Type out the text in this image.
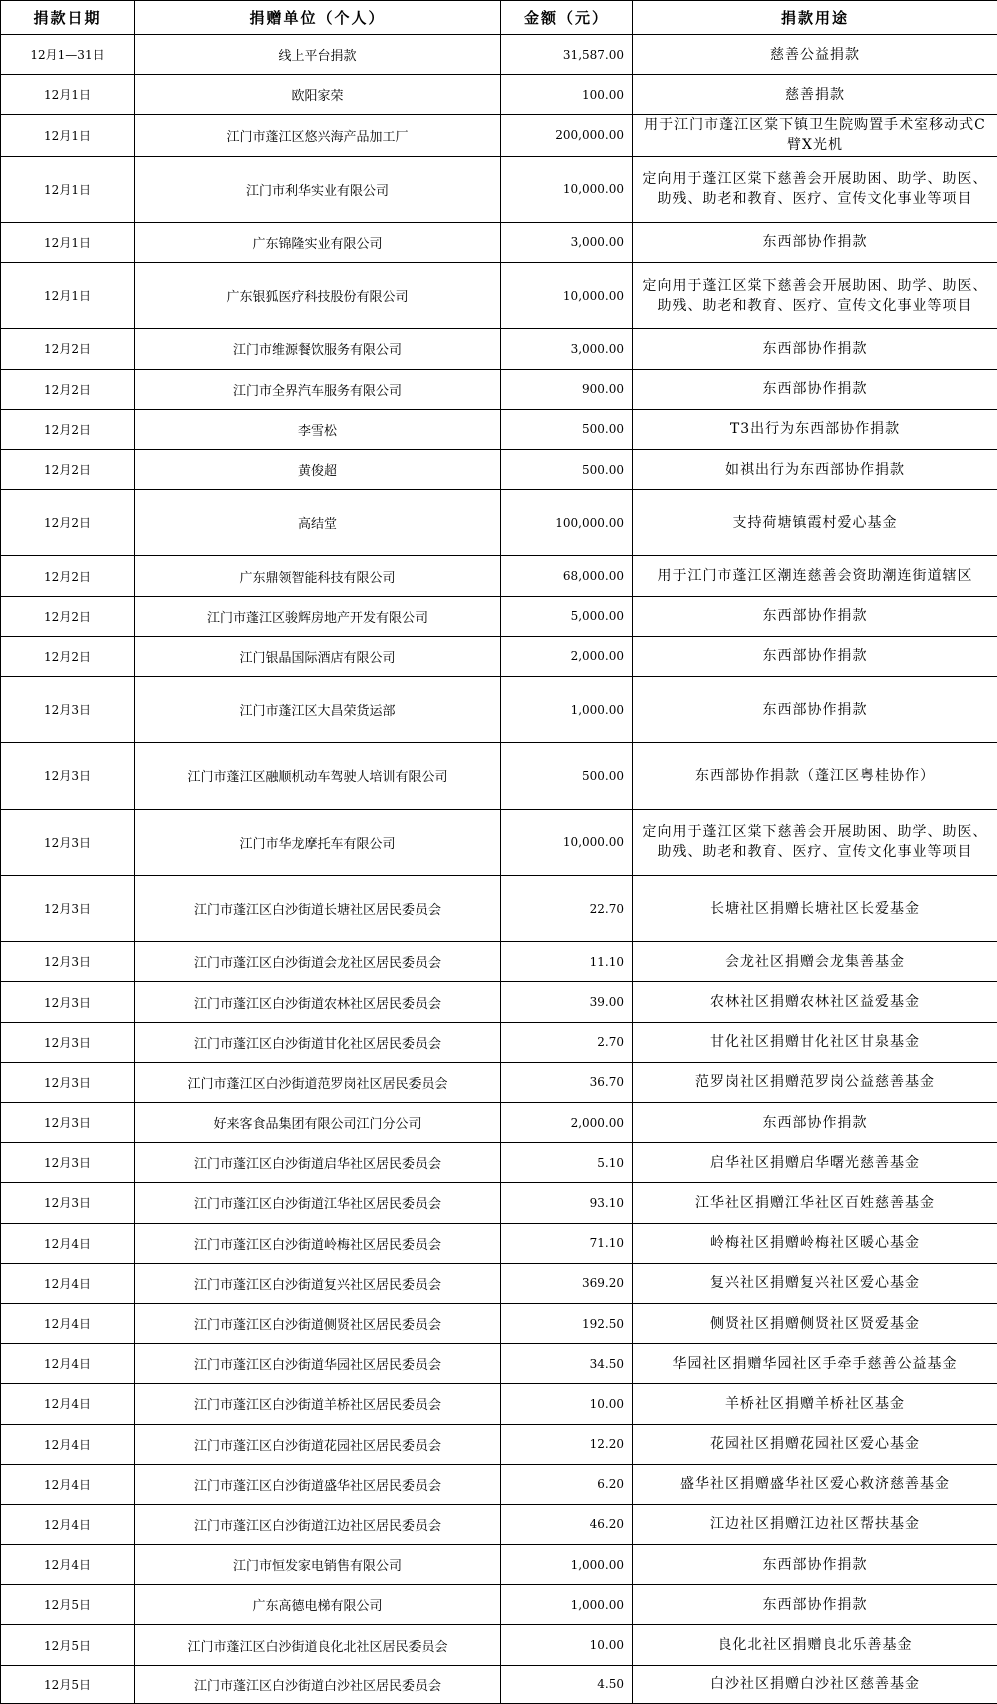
捐款日期	捐赠单位（个人）	金额（元）	捐款用途
12月1—31日	线上平台捐款	31,587.00	慈善公益捐款
12月1日	欧阳家荣	100.00	慈善捐款
12月1日	江门市蓬江区悠兴海产品加工厂	200,000.00	用于江门市蓬江区棠下镇卫生院购置手术室移动式C臂X光机
12月1日	江门市利华实业有限公司	10,000.00	定向用于蓬江区棠下慈善会开展助困、助学、助医、助残、助老和教育、医疗、宣传文化事业等项目
12月1日	广东锦隆实业有限公司	3,000.00	东西部协作捐款
12月1日	广东银狐医疗科技股份有限公司	10,000.00	定向用于蓬江区棠下慈善会开展助困、助学、助医、助残、助老和教育、医疗、宣传文化事业等项目
12月2日	江门市维源餐饮服务有限公司	3,000.00	东西部协作捐款
12月2日	江门市全界汽车服务有限公司	900.00	东西部协作捐款
12月2日	李雪松	500.00	T3出行为东西部协作捐款
12月2日	黄俊超	500.00	如祺出行为东西部协作捐款
12月2日	高结堂	100,000.00	支持荷塘镇霞村爱心基金
12月2日	广东鼎领智能科技有限公司	68,000.00	用于江门市蓬江区潮连慈善会资助潮连街道辖区
12月2日	江门市蓬江区骏辉房地产开发有限公司	5,000.00	东西部协作捐款
12月2日	江门银晶国际酒店有限公司	2,000.00	东西部协作捐款
12月3日	江门市蓬江区大昌荣货运部	1,000.00	东西部协作捐款
12月3日	江门市蓬江区融顺机动车驾驶人培训有限公司	500.00	东西部协作捐款（蓬江区粤桂协作）
12月3日	江门市华龙摩托车有限公司	10,000.00	定向用于蓬江区棠下慈善会开展助困、助学、助医、助残、助老和教育、医疗、宣传文化事业等项目
12月3日	江门市蓬江区白沙街道长塘社区居民委员会	22.70	长塘社区捐赠长塘社区长爱基金
12月3日	江门市蓬江区白沙街道会龙社区居民委员会	11.10	会龙社区捐赠会龙集善基金
12月3日	江门市蓬江区白沙街道农林社区居民委员会	39.00	农林社区捐赠农林社区益爱基金
12月3日	江门市蓬江区白沙街道甘化社区居民委员会	2.70	甘化社区捐赠甘化社区甘泉基金
12月3日	江门市蓬江区白沙街道范罗岗社区居民委员会	36.70	范罗岗社区捐赠范罗岗公益慈善基金
12月3日	好来客食品集团有限公司江门分公司	2,000.00	东西部协作捐款
12月3日	江门市蓬江区白沙街道启华社区居民委员会	5.10	启华社区捐赠启华曙光慈善基金
12月3日	江门市蓬江区白沙街道江华社区居民委员会	93.10	江华社区捐赠江华社区百姓慈善基金
12月4日	江门市蓬江区白沙街道岭梅社区居民委员会	71.10	岭梅社区捐赠岭梅社区暖心基金
12月4日	江门市蓬江区白沙街道复兴社区居民委员会	369.20	复兴社区捐赠复兴社区爱心基金
12月4日	江门市蓬江区白沙街道侧贤社区居民委员会	192.50	侧贤社区捐赠侧贤社区贤爱基金
12月4日	江门市蓬江区白沙街道华园社区居民委员会	34.50	华园社区捐赠华园社区手牵手慈善公益基金
12月4日	江门市蓬江区白沙街道羊桥社区居民委员会	10.00	羊桥社区捐赠羊桥社区基金
12月4日	江门市蓬江区白沙街道花园社区居民委员会	12.20	花园社区捐赠花园社区爱心基金
12月4日	江门市蓬江区白沙街道盛华社区居民委员会	6.20	盛华社区捐赠盛华社区爱心救济慈善基金
12月4日	江门市蓬江区白沙街道江边社区居民委员会	46.20	江边社区捐赠江边社区帮扶基金
12月4日	江门市恒发家电销售有限公司	1,000.00	东西部协作捐款
12月5日	广东高德电梯有限公司	1,000.00	东西部协作捐款
12月5日	江门市蓬江区白沙街道良化北社区居民委员会	10.00	良化北社区捐赠良北乐善基金
12月5日	江门市蓬江区白沙街道白沙社区居民委员会	4.50	白沙社区捐赠白沙社区慈善基金
